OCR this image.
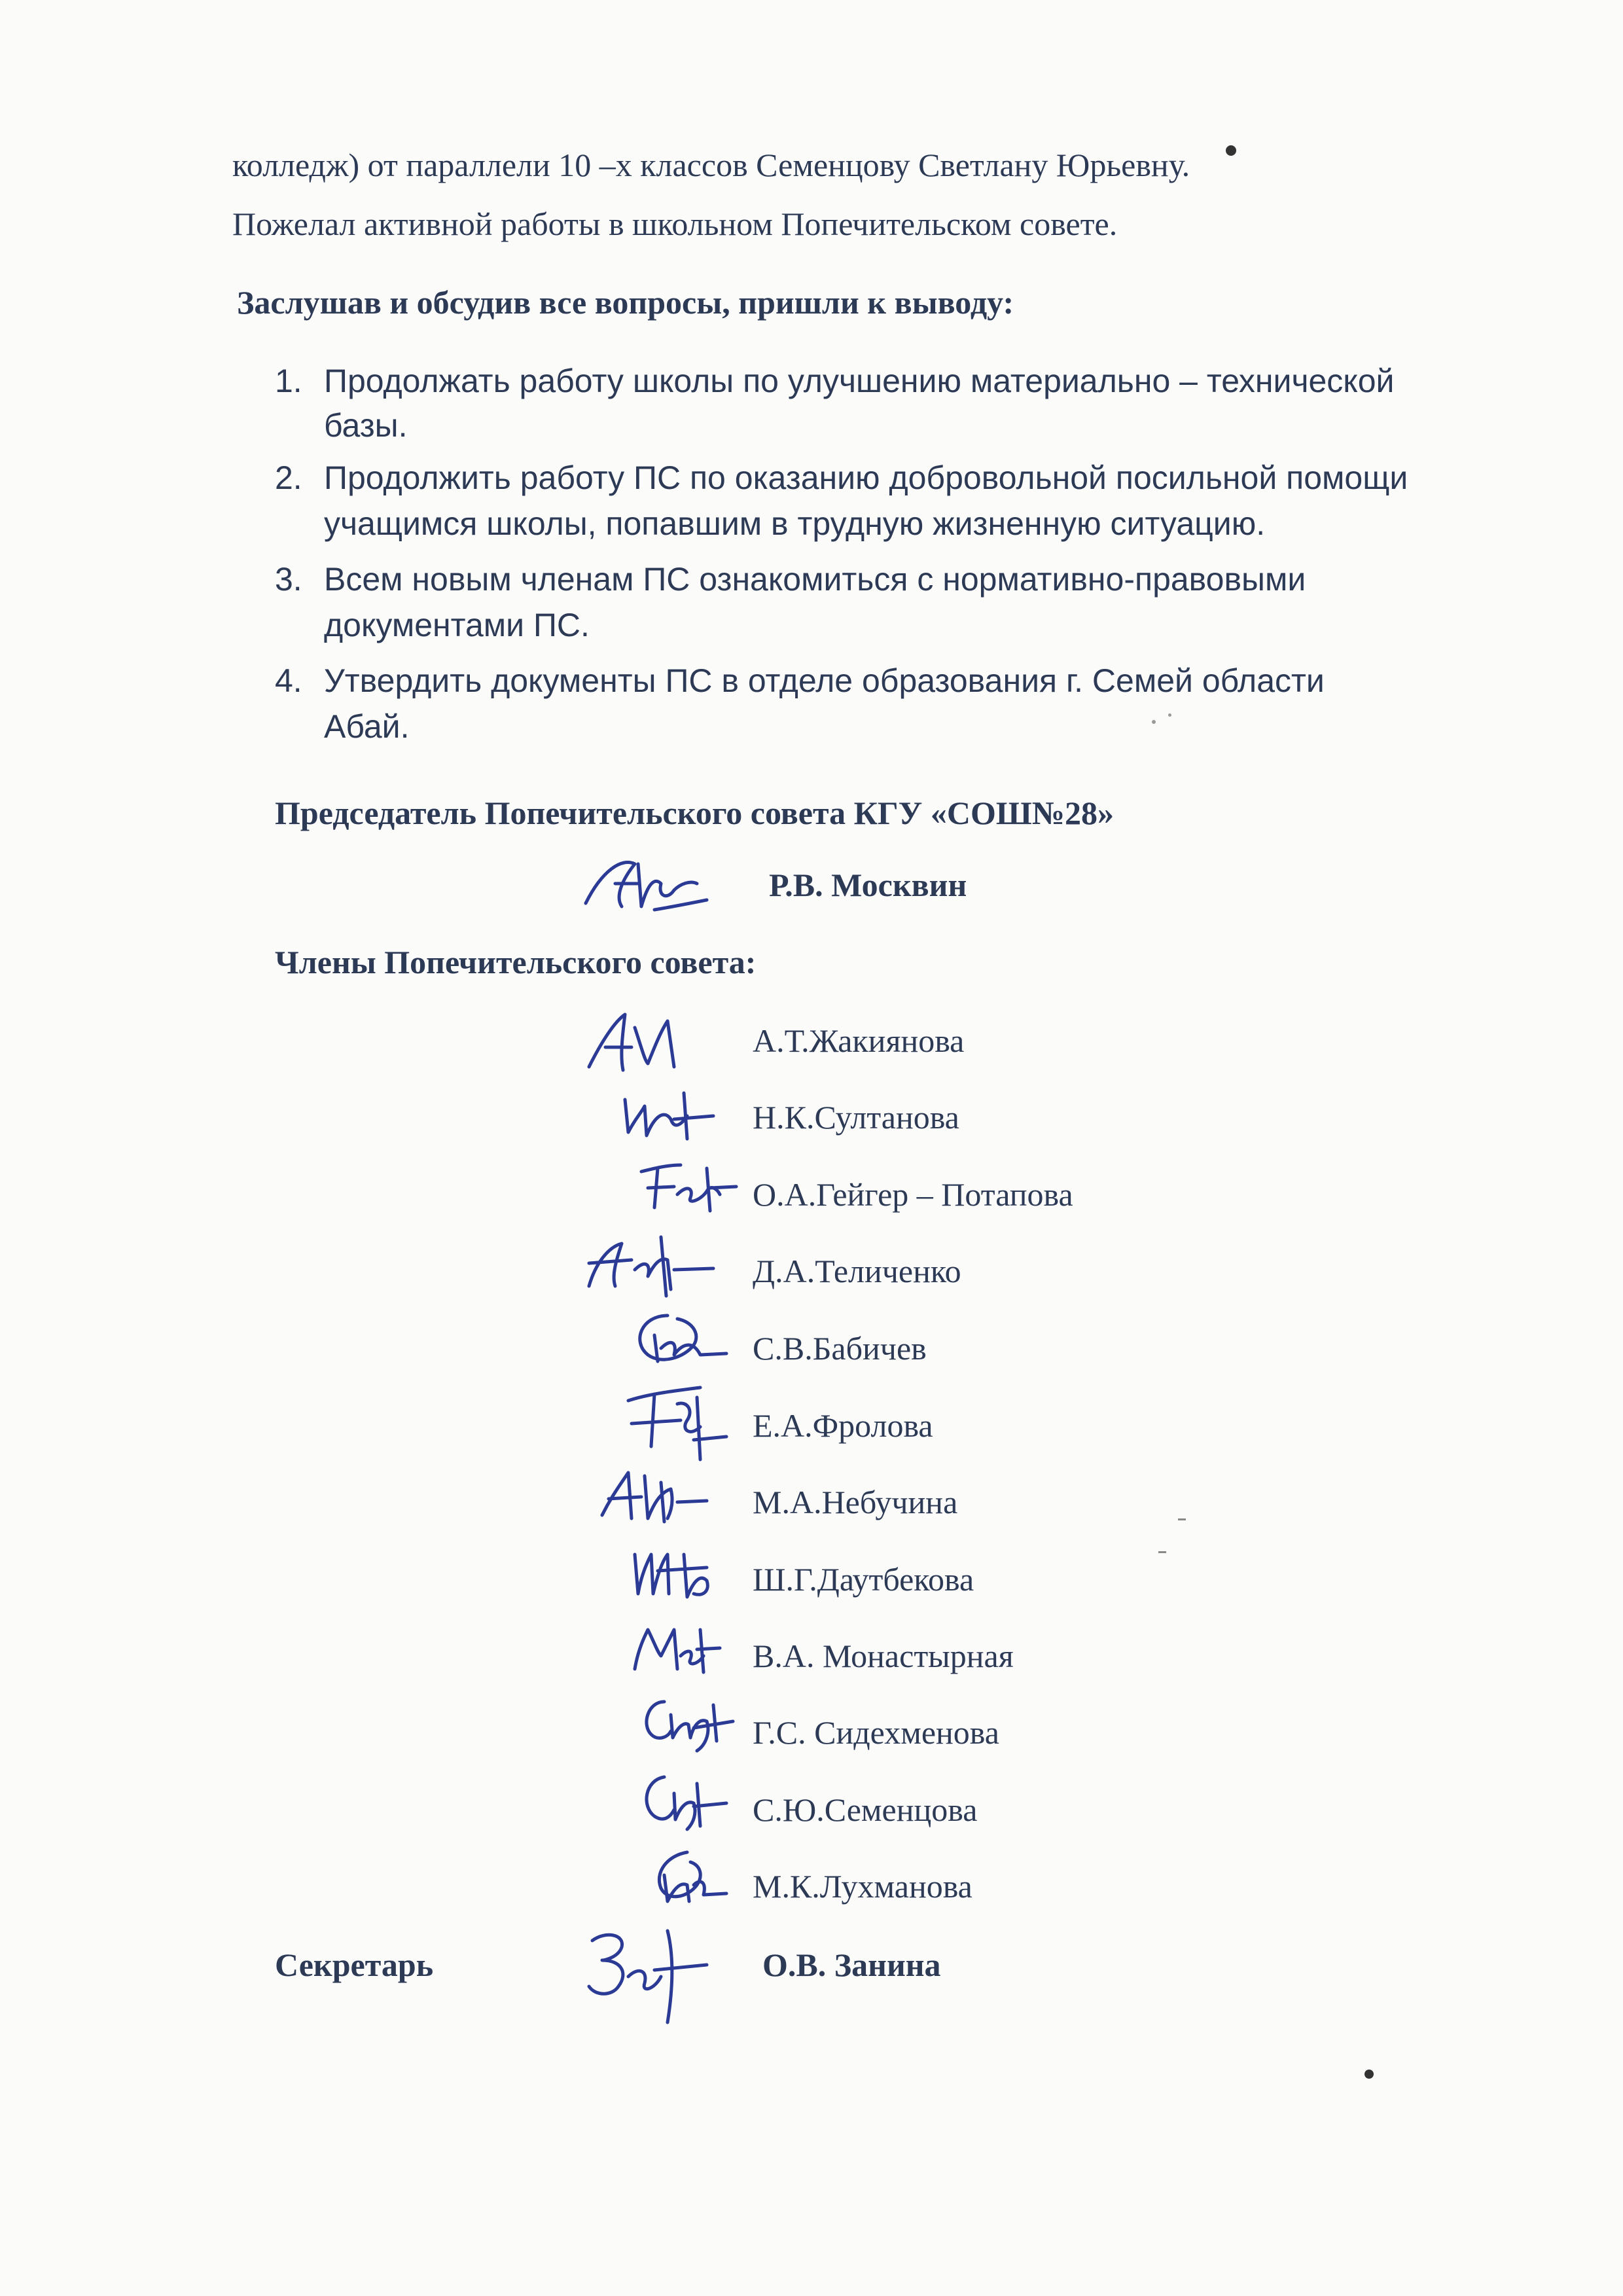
колледж) от параллели 10 –х классов Семенцову Светлану Юрьевну.
Пожелал активной работы в школьном Попечительском совете.
Заслушав и обсудив все вопросы, пришли к выводу:
1. Продолжать работу школы по улучшению материально – технической
базы.
2. Продолжить работу ПС по оказанию добровольной посильной помощи
учащимся школы, попавшим в трудную жизненную ситуацию.
3. Всем новым членам ПС ознакомиться с нормативно-правовыми
документами ПС.
4. Утвердить документы ПС в отделе образования г. Семей области
Абай.
Председатель Попечительского совета КГУ «СОШ№28»
Р.В. Москвин
Члены Попечительского совета:
А.Т.Жакиянова
Н.К.Султанова
О.А.Гейгер – Потапова
Д.А.Теличенко
С.В.Бабичев
Е.А.Фролова
М.А.Небучина
Ш.Г.Даутбекова
В.А. Монастырная
Г.С. Сидехменова
С.Ю.Семенцова
М.К.Лухманова
Секретарь	О.В. Занина
